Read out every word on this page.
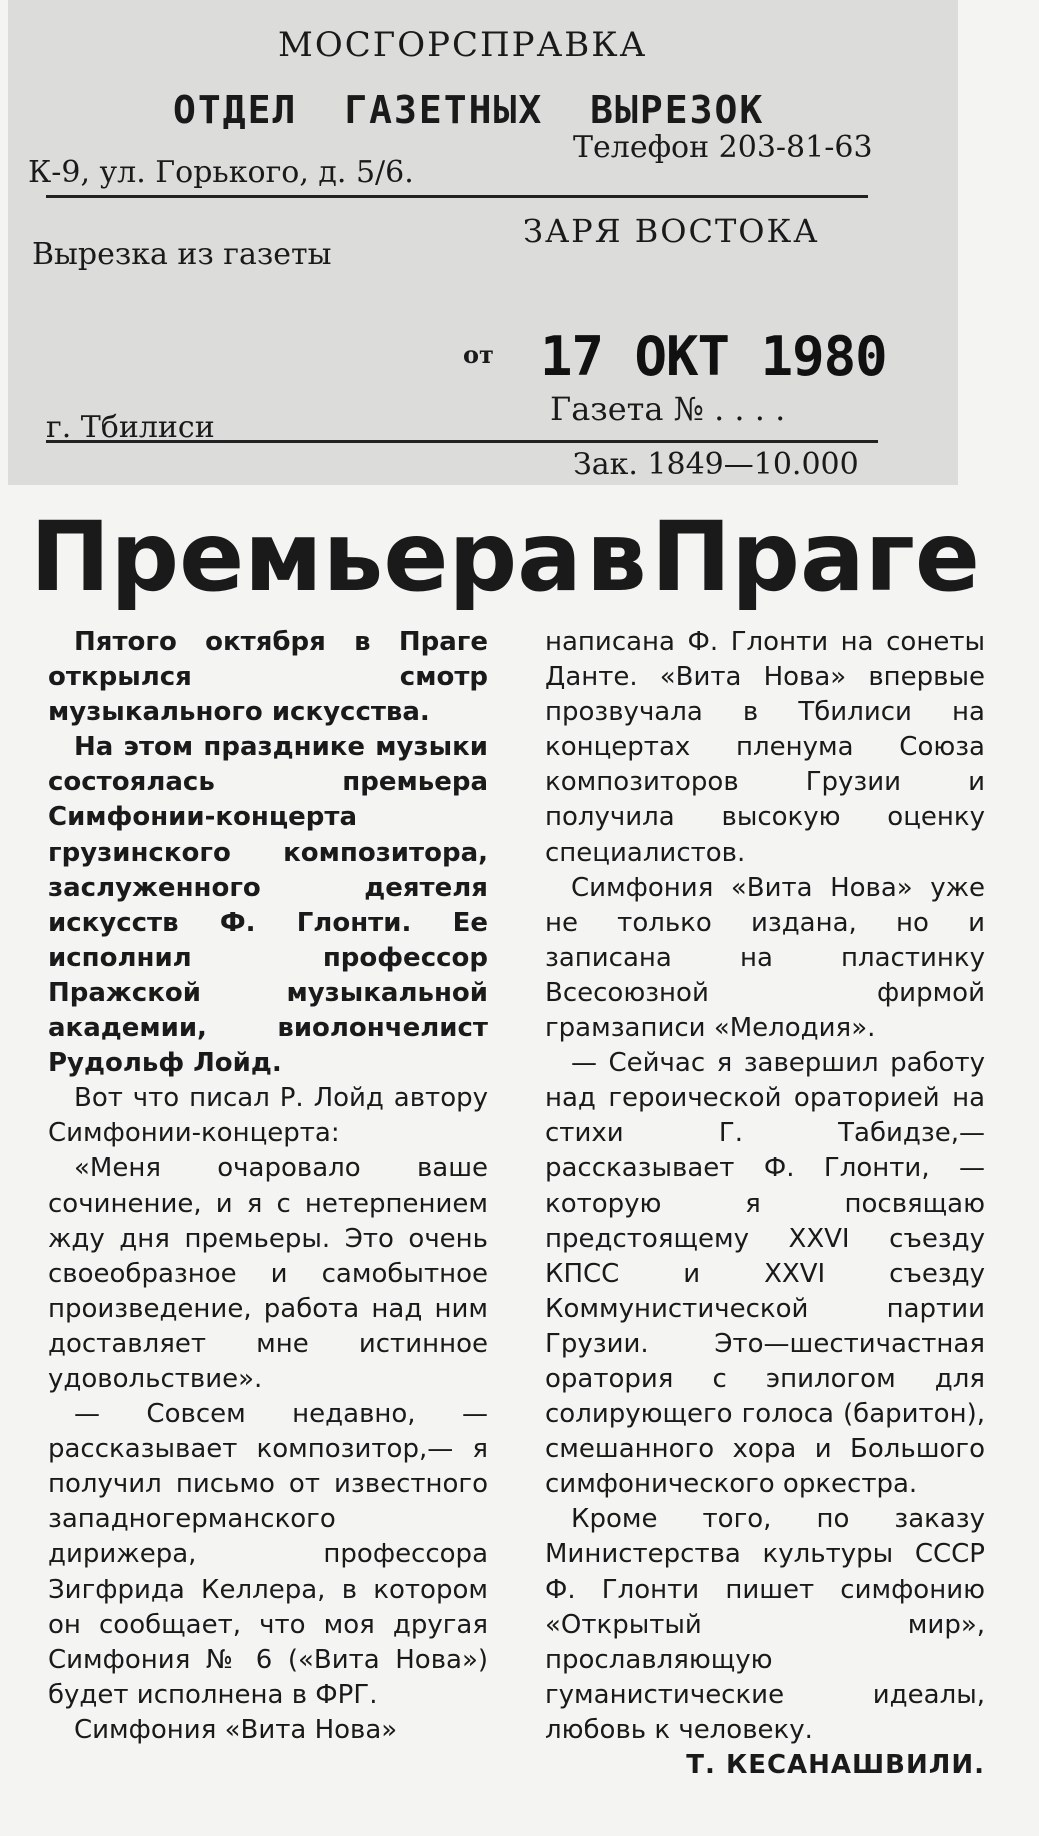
МОСГОРСПРАВКА
ОТДЕЛ ГАЗЕТНЫХ ВЫРЕЗОК
Телефон 203-81-63
К-9, ул. Горького, д. 5/6.
ЗАРЯ ВОСТОКА
Вырезка из газеты
от 17 ОКТ 1980
Газета № . . . .
г. Тбилиси
Зак. 1849—10.000
Премьера в Праге

Пятого октября в Праге открылся смотр музыкального искусства.

На этом празднике музыки состоялась премьера Симфонии-концерта грузинского композитора, заслуженного деятеля искусств Ф. Глонти. Ее исполнил профессор Пражской музыкальной академии, виолончелист Рудольф Лойд.

Вот что писал Р. Лойд автору Симфонии-концерта:

«Меня очаровало ваше сочинение, и я с нетерпением жду дня премьеры. Это очень своеобразное и самобытное произведение, работа над ним доставляет мне истинное удовольствие».

— Совсем недавно, — рассказывает композитор,— я получил письмо от известного западногерманского дирижера, профессора Зигфрида Келлера, в котором он сообщает, что моя другая Симфония № 6 («Вита Нова») будет исполнена в ФРГ.

Симфония «Вита Нова»

написана Ф. Глонти на сонеты Данте. «Вита Нова» впервые прозвучала в Тбилиси на концертах пленума Союза композиторов Грузии и получила высокую оценку специалистов.

Симфония «Вита Нова» уже не только издана, но и записана на пластинку Всесоюзной фирмой грамзаписи «Мелодия».

— Сейчас я завершил работу над героической ораторией на стихи Г. Табидзе,—рассказывает Ф. Глонти, — которую я посвящаю предстоящему XXVI съезду КПСС и XXVI съезду Коммунистической партии Грузии. Это—шестичастная оратория с эпилогом для солирующего голоса (баритон), смешанного хора и Большого симфонического оркестра.

Кроме того, по заказу Министерства культуры СССР Ф. Глонти пишет симфонию «Открытый мир», прославляющую гуманистические идеалы, любовь к человеку.

Т. КЕСАНАШВИЛИ.
